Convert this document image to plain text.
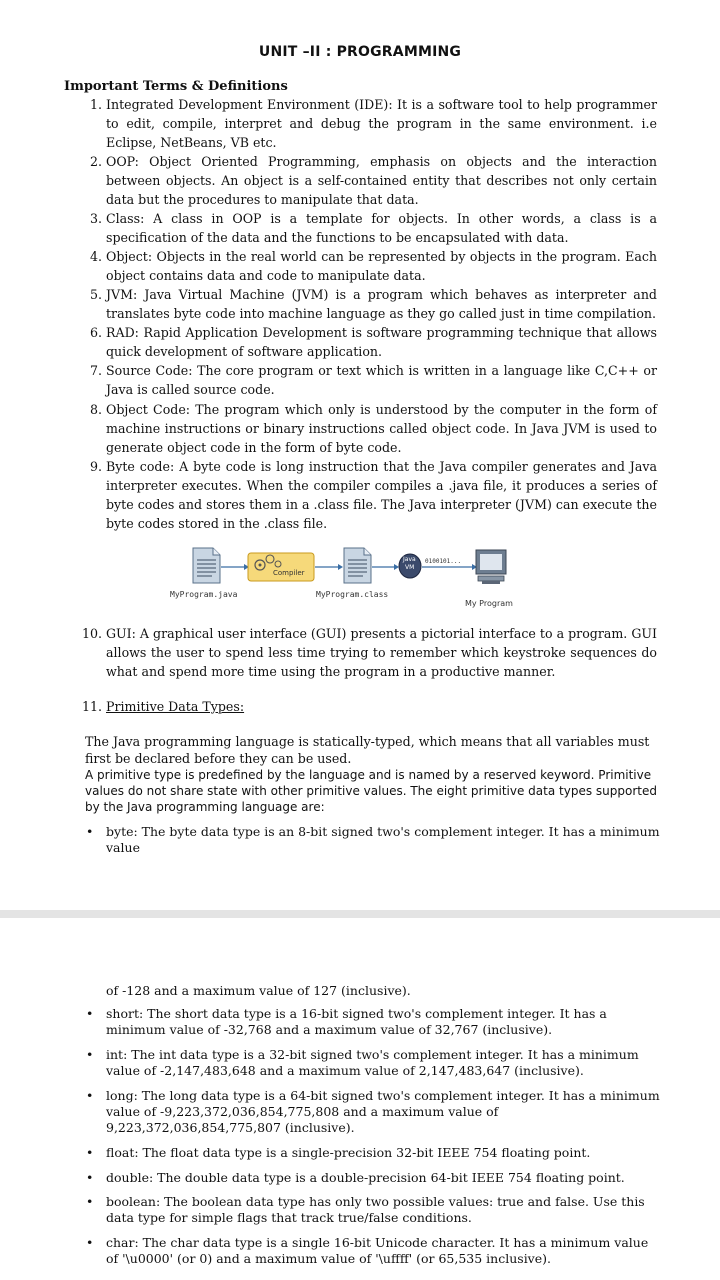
UNIT –II : PROGRAMMING
Important Terms & Definitions
1. Integrated Development Environment (IDE): It is a software tool to help programmer to edit, compile, interpret and debug the program in the same environment. i.e Eclipse, NetBeans, VB etc.
2. OOP: Object Oriented Programming, emphasis on objects and the interaction between objects. An object is a self-contained entity that describes not only certain data but the procedures to manipulate that data.
3. Class: A class in OOP is a template for objects. In other words, a class is a specification of the data and the functions to be encapsulated with data.
4. Object: Objects in the real world can be represented by objects in the program. Each object contains data and code to manipulate data.
5. JVM: Java Virtual Machine (JVM) is a program which behaves as interpreter and translates byte code into machine language as they go called just in time compilation.
6. RAD: Rapid Application Development is software programming technique that allows quick development of software application.
7. Source Code: The core program or text which is written in a language like C,C++ or Java is called source code.
8. Object Code: The program which only is understood by the computer in the form of machine instructions or binary instructions called object code. In Java JVM is used to generate object code in the form of byte code.
9. Byte code: A byte code is long instruction that the Java compiler generates and Java interpreter executes. When the compiler compiles a .java file, it produces a series of byte codes and stores them in a .class file. The Java interpreter (JVM) can execute the byte codes stored in the .class file.
MyProgram.java
Compiler
MyProgram.class
Java
VM
0100101...
My Program
10. GUI: A graphical user interface (GUI) presents a pictorial interface to a program. GUI allows the user to spend less time trying to remember which keystroke sequences do what and spend more time using the program in a productive manner.
11. Primitive Data Types:
The Java programming language is statically-typed, which means that all variables must first be declared before they can be used.
A primitive type is predefined by the language and is named by a reserved keyword. Primitive values do not share state with other primitive values. The eight primitive data types supported by the Java programming language are:
• byte: The byte data type is an 8-bit signed two's complement integer. It has a minimum value
of -128 and a maximum value of 127 (inclusive).
• short: The short data type is a 16-bit signed two's complement integer. It has a minimum value of -32,768 and a maximum value of 32,767 (inclusive).
• int: The int data type is a 32-bit signed two's complement integer. It has a minimum value of -2,147,483,648 and a maximum value of 2,147,483,647 (inclusive).
• long: The long data type is a 64-bit signed two's complement integer. It has a minimum value of -9,223,372,036,854,775,808 and a maximum value of 9,223,372,036,854,775,807 (inclusive).
• float: The float data type is a single-precision 32-bit IEEE 754 floating point.
• double: The double data type is a double-precision 64-bit IEEE 754 floating point.
• boolean: The boolean data type has only two possible values: true and false. Use this data type for simple flags that track true/false conditions.
• char: The char data type is a single 16-bit Unicode character. It has a minimum value of '\u0000' (or 0) and a maximum value of '\uffff' (or 65,535 inclusive).
